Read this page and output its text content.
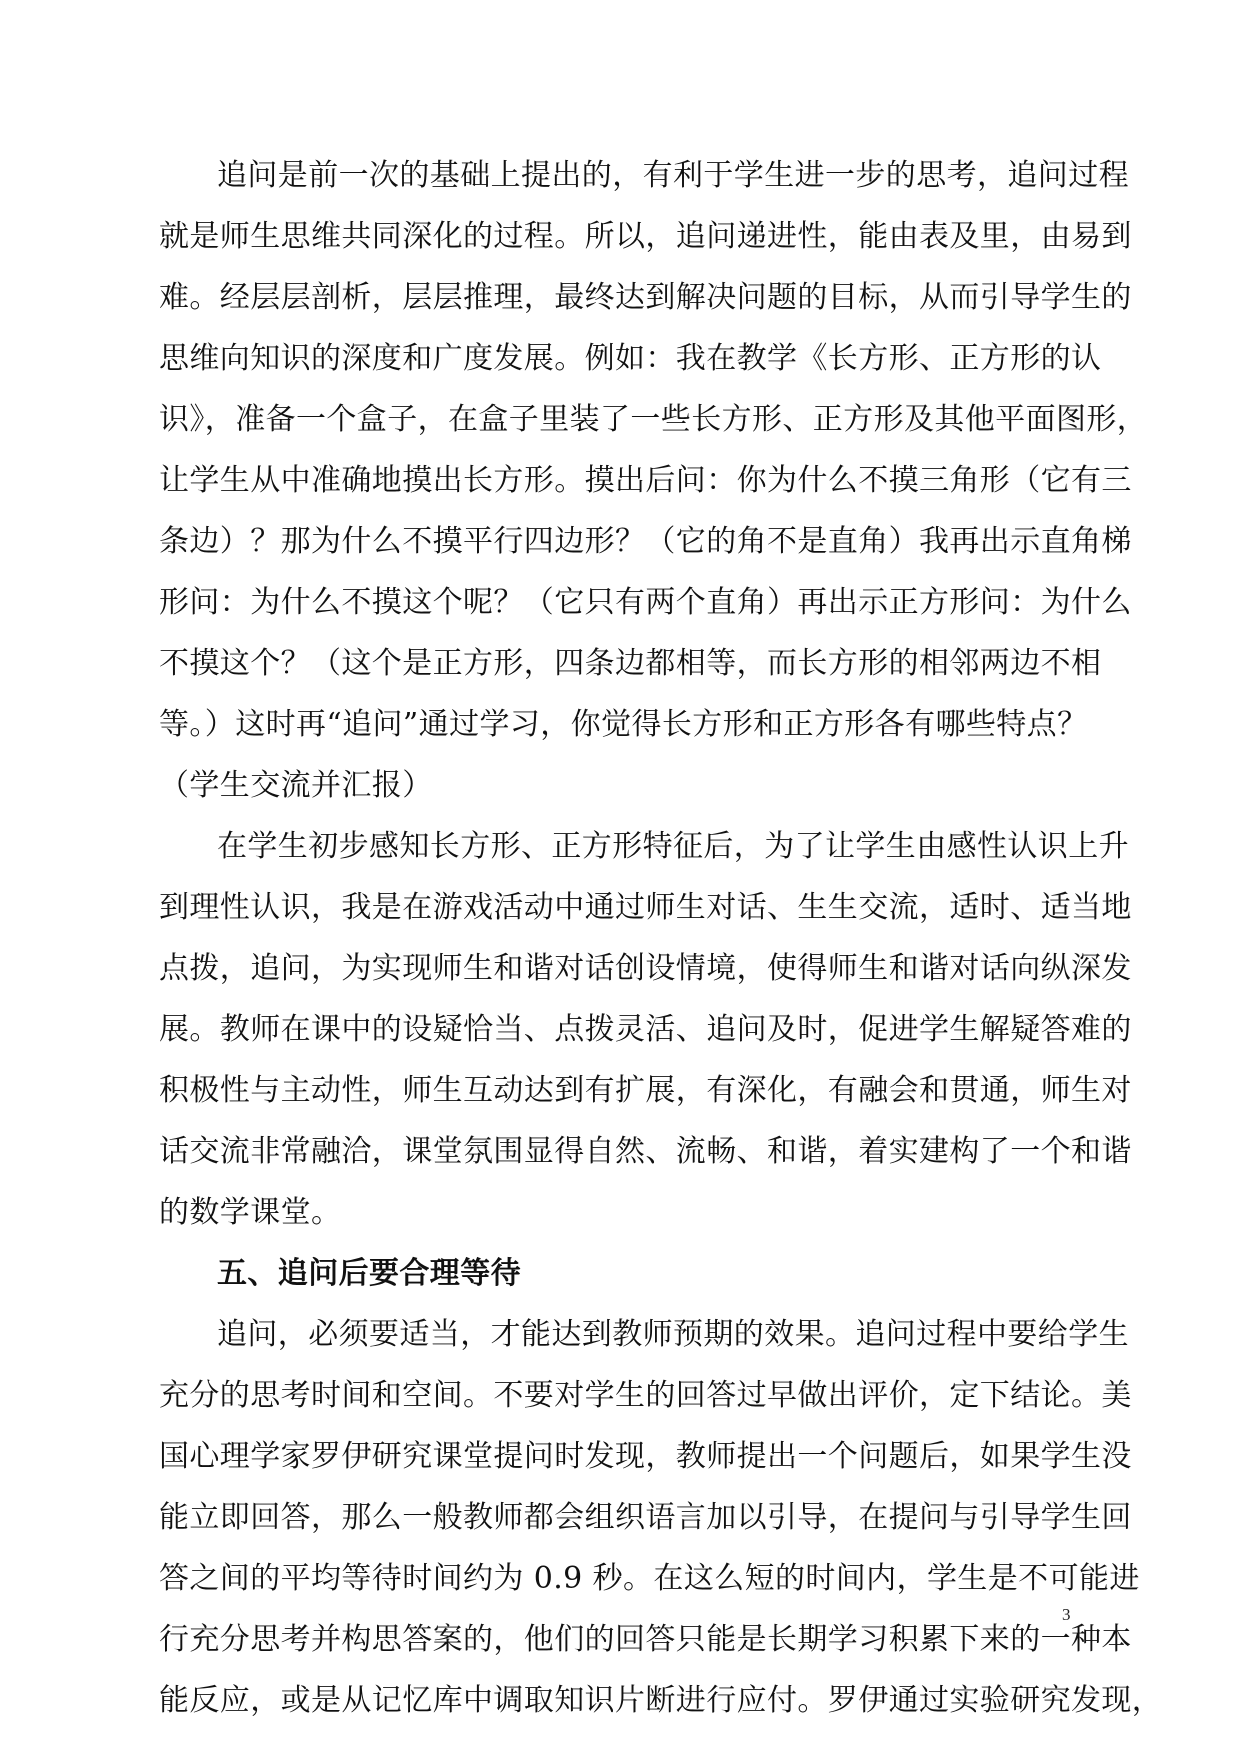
追问是前一次的基础上提出的，有利于学生进一步的思考，追问过程
就是师生思维共同深化的过程。所以，追问递进性，能由表及里，由易到
难。经层层剖析，层层推理，最终达到解决问题的目标，从而引导学生的
思维向知识的深度和广度发展。例如：我在教学《长方形、正方形的认
识》，准备一个盒子，在盒子里装了一些长方形、正方形及其他平面图形，
让学生从中准确地摸出长方形。摸出后问：你为什么不摸三角形（它有三
条边）？那为什么不摸平行四边形？（它的角不是直角）我再出示直角梯
形问：为什么不摸这个呢？（它只有两个直角）再出示正方形问：为什么
不摸这个？（这个是正方形，四条边都相等，而长方形的相邻两边不相
等。）这时再“追问”通过学习，你觉得长方形和正方形各有哪些特点？
（学生交流并汇报）
在学生初步感知长方形、正方形特征后，为了让学生由感性认识上升
到理性认识，我是在游戏活动中通过师生对话、生生交流，适时、适当地
点拨，追问，为实现师生和谐对话创设情境，使得师生和谐对话向纵深发
展。教师在课中的设疑恰当、点拨灵活、追问及时，促进学生解疑答难的
积极性与主动性，师生互动达到有扩展，有深化，有融会和贯通，师生对
话交流非常融洽，课堂氛围显得自然、流畅、和谐，着实建构了一个和谐
的数学课堂。
五、追问后要合理等待
追问，必须要适当，才能达到教师预期的效果。追问过程中要给学生
充分的思考时间和空间。不要对学生的回答过早做出评价，定下结论。美
国心理学家罗伊研究课堂提问时发现，教师提出一个问题后，如果学生没
能立即回答，那么一般教师都会组织语言加以引导，在提问与引导学生回
答之间的平均等待时间约为 0.9 秒。在这么短的时间内，学生是不可能进
行充分思考并构思答案的，他们的回答只能是长期学习积累下来的一种本
能反应，或是从记忆库中调取知识片断进行应付。罗伊通过实验研究发现，
3
